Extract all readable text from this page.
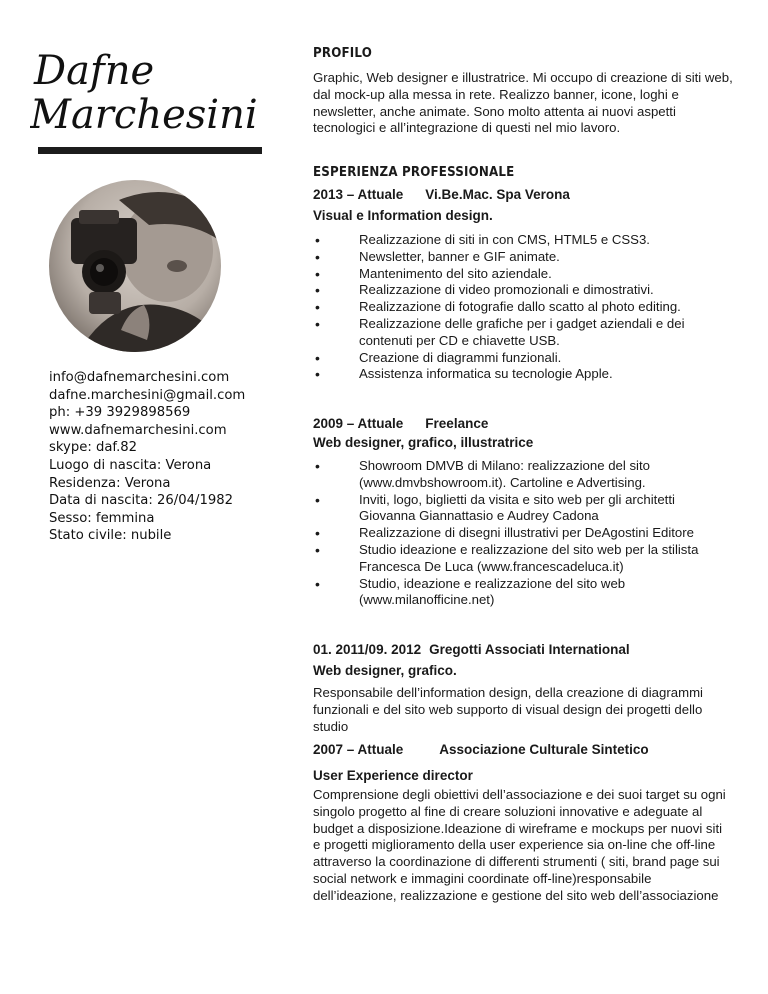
Dafne
Marchesini
info@dafnemarchesini.com
dafne.marchesini@gmail.com
ph: +39 3929898569
www.dafnemarchesini.com
skype: daf.82
Luogo di nascita: Verona
Residenza: Verona
Data di nascita: 26/04/1982
Sesso: femmina
Stato civile: nubile
PROFILO
Graphic, Web designer e illustratrice. Mi occupo di creazione di siti web, dal mock-up alla messa in rete. Realizzo banner, icone, loghi e newsletter, anche animate. Sono molto attenta ai nuovi aspetti tecnologici e all’integrazione di questi nel mio lavoro.
ESPERIENZA PROFESSIONALE
2013 – Attuale Vi.Be.Mac. Spa Verona
Visual e Information design.
• Realizzazione di siti in con CMS, HTML5 e CSS3.
• Newsletter, banner e GIF animate.
• Mantenimento del sito aziendale.
• Realizzazione di video promozionali e dimostrativi.
• Realizzazione di fotografie dallo scatto al photo editing.
• Realizzazione delle grafiche per i gadget aziendali e dei contenuti per CD e chiavette USB.
• Creazione di diagrammi funzionali.
• Assistenza informatica su tecnologie Apple.
2009 – Attuale Freelance
Web designer, grafico, illustratrice
• Showroom DMVB di Milano: realizzazione del sito (www.dmvbshowroom.it). Cartoline e Advertising.
• Inviti, logo, biglietti da visita e sito web per gli architetti Giovanna Giannattasio e Audrey Cadona
• Realizzazione di disegni illustrativi per DeAgostini Editore
• Studio ideazione e realizzazione del sito web per la stilista Francesca De Luca (www.francescadeluca.it)
• Studio, ideazione e realizzazione del sito web (www.milanofficine.net)
01. 2011/09. 2012 Gregotti Associati International
Web designer, grafico.
Responsabile dell’information design, della creazione di diagrammi funzionali e del sito web supporto di visual design dei progetti dello studio
2007 – Attuale	Associazione Culturale Sintetico
User Experience director
Comprensione degli obiettivi dell’associazione e dei suoi target su ogni singolo progetto al fine di creare soluzioni innovative e adeguate al budget a disposizione.Ideazione di wireframe e mockups per nuovi siti e progetti miglioramento della user experience sia on-line che off-line attraverso la coordinazione di differenti strumenti ( siti, brand page sui social network e immagini coordinate off-line)responsabile dell’ideazione, realizzazione e gestione del sito web dell’associazione
